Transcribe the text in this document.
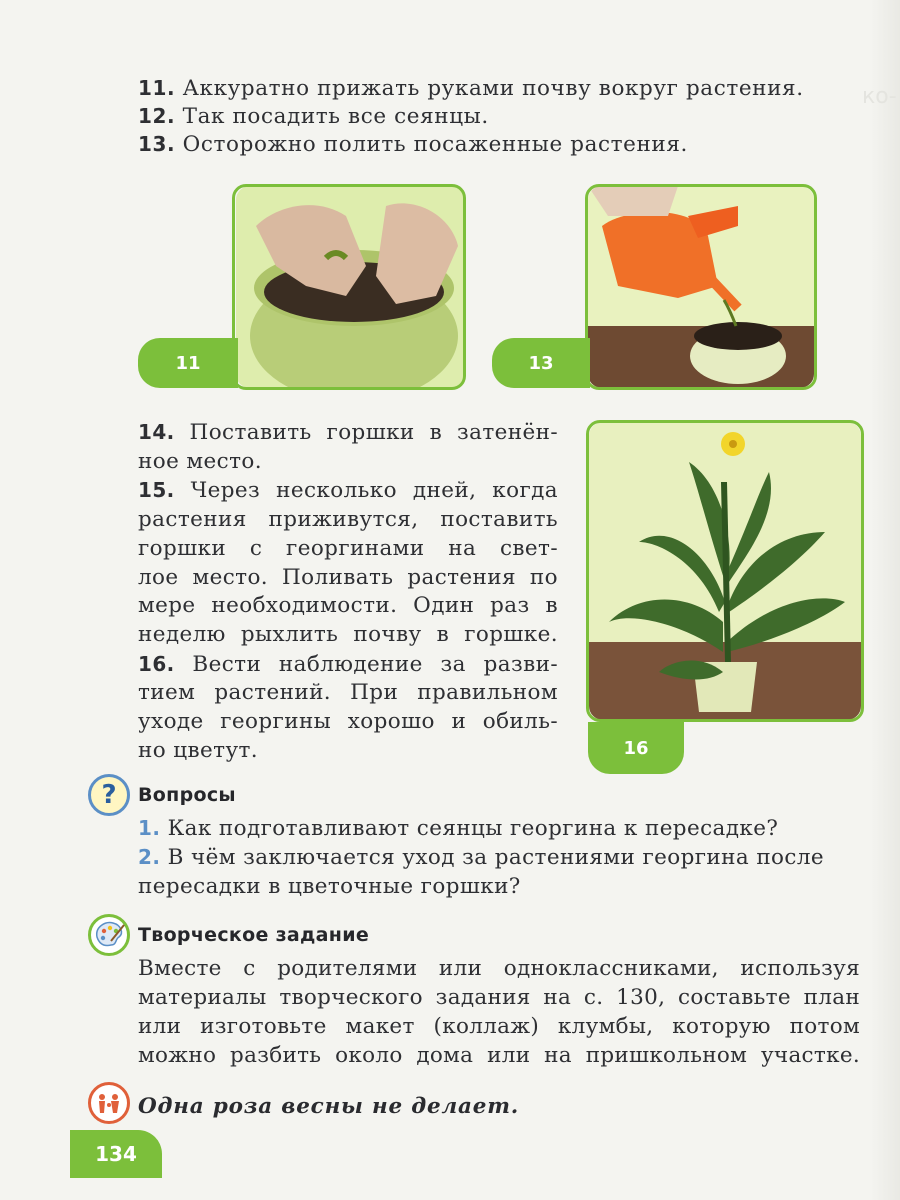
ко-
11. Аккуратно прижать руками почву вокруг растения.
12. Так посадить все сеянцы.
13. Осторожно полить посаженные растения.
11	13
14. Поставить горшки в затенён-
ное место.
15. Через несколько дней, когда
растения приживутся, поставить
горшки с георгинами на свет-
лое место. Поливать растения по
мере необходимости. Один раз в
неделю рыхлить почву в горшке.
16. Вести наблюдение за разви-
тием растений. При правильном
уходе георгины хорошо и обиль-
но цветут.	16
?	Вопросы
1. Как подготавливают сеянцы георгина к пересадке?
2. В чём заключается уход за растениями георгина после
пересадки в цветочные горшки?
Творческое задание
Вместе с родителями или одноклассниками, используя
материалы творческого задания на с. 130, составьте план
или изготовьте макет (коллаж) клумбы, которую потом
можно разбить около дома или на пришкольном участке.
Одна роза весны не делает.
134
